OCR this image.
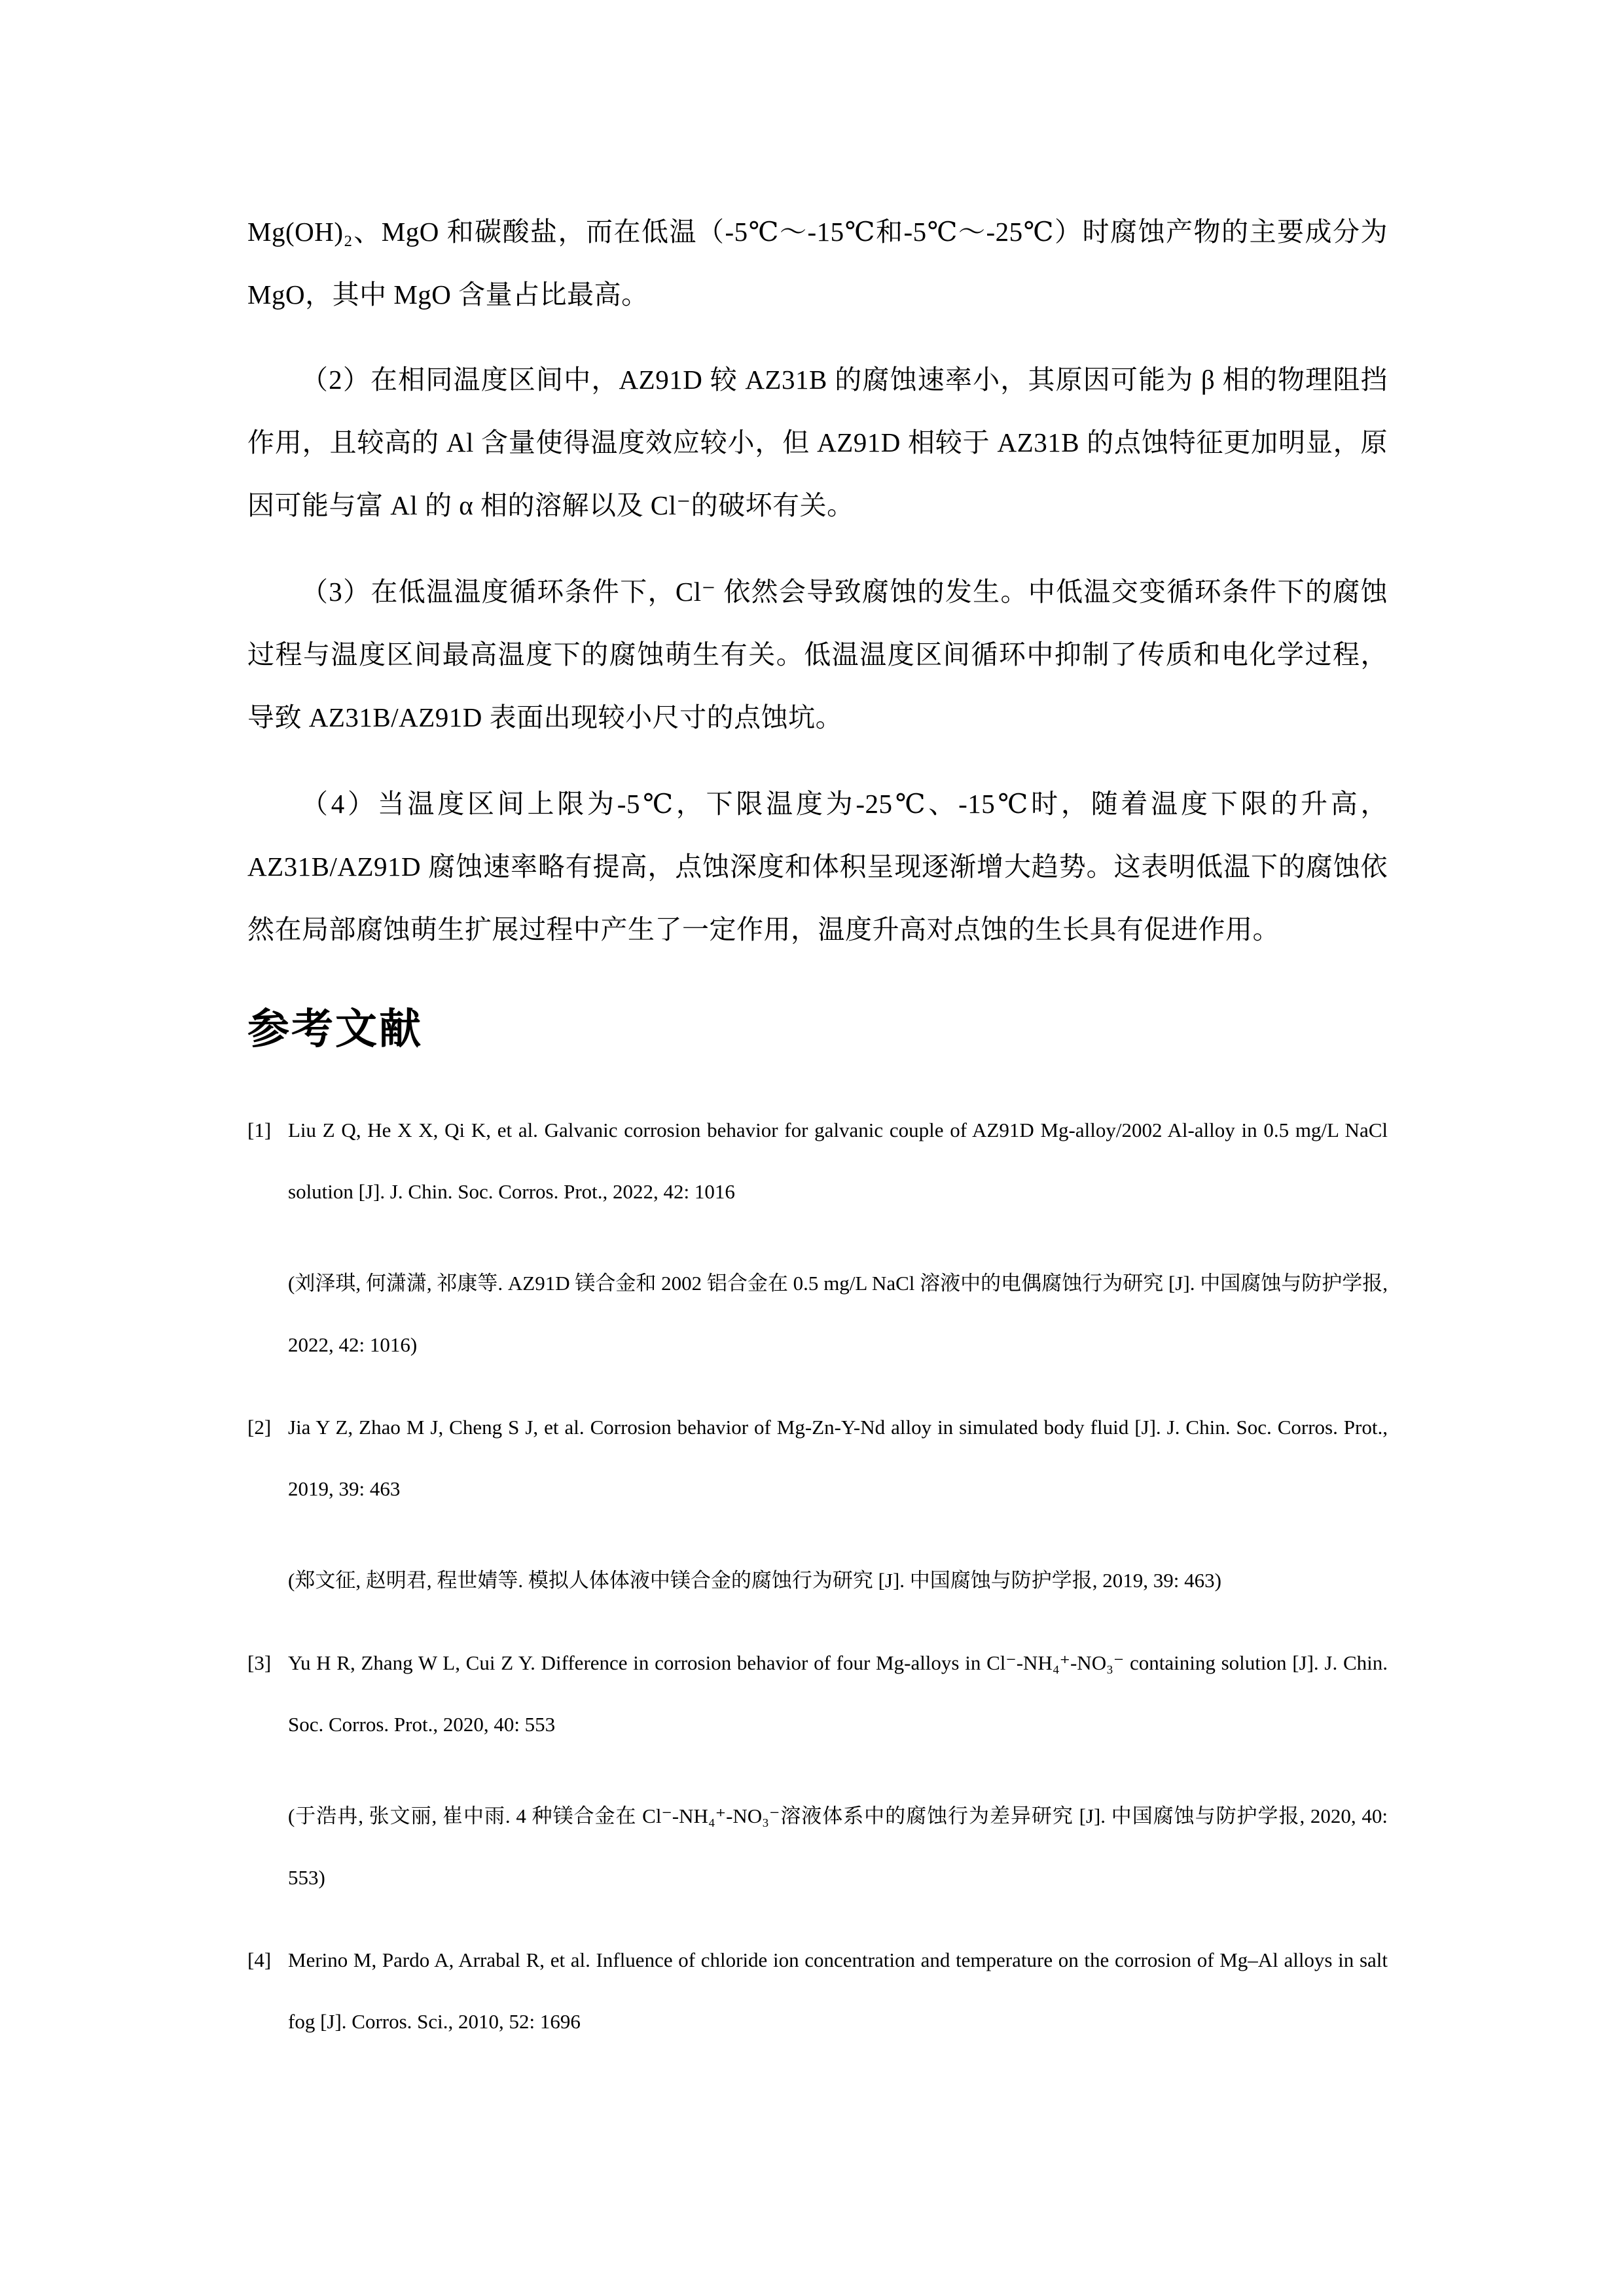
Mg(OH)₂、MgO 和碳酸盐，而在低温（-5℃～-15℃和-5℃～-25℃）时腐蚀产物的主要成分为 MgO，其中 MgO 含量占比最高。
（2）在相同温度区间中，AZ91D 较 AZ31B 的腐蚀速率小，其原因可能为 β 相的物理阻挡作用，且较高的 Al 含量使得温度效应较小，但 AZ91D 相较于 AZ31B 的点蚀特征更加明显，原因可能与富 Al 的 α 相的溶解以及 Cl⁻的破坏有关。
（3）在低温温度循环条件下，Cl⁻ 依然会导致腐蚀的发生。中低温交变循环条件下的腐蚀过程与温度区间最高温度下的腐蚀萌生有关。低温温度区间循环中抑制了传质和电化学过程，导致 AZ31B/AZ91D 表面出现较小尺寸的点蚀坑。
（4）当温度区间上限为-5℃，下限温度为-25℃、-15℃时，随着温度下限的升高，AZ31B/AZ91D 腐蚀速率略有提高，点蚀深度和体积呈现逐渐增大趋势。这表明低温下的腐蚀依然在局部腐蚀萌生扩展过程中产生了一定作用，温度升高对点蚀的生长具有促进作用。
参考文献
[1] Liu Z Q, He X X, Qi K, et al. Galvanic corrosion behavior for galvanic couple of AZ91D Mg-alloy/2002 Al-alloy in 0.5 mg/L NaCl solution [J]. J. Chin. Soc. Corros. Prot., 2022, 42: 1016
(刘泽琪, 何潇潇, 祁康等. AZ91D 镁合金和 2002 铝合金在 0.5 mg/L NaCl 溶液中的电偶腐蚀行为研究 [J]. 中国腐蚀与防护学报, 2022, 42: 1016)
[2] Jia Y Z, Zhao M J, Cheng S J, et al. Corrosion behavior of Mg-Zn-Y-Nd alloy in simulated body fluid [J]. J. Chin. Soc. Corros. Prot., 2019, 39: 463
(郑文征, 赵明君, 程世婧等. 模拟人体体液中镁合金的腐蚀行为研究 [J]. 中国腐蚀与防护学报, 2019, 39: 463)
[3] Yu H R, Zhang W L, Cui Z Y. Difference in corrosion behavior of four Mg-alloys in Cl⁻-NH₄⁺-NO₃⁻ containing solution [J]. J. Chin. Soc. Corros. Prot., 2020, 40: 553
(于浩冉, 张文丽, 崔中雨. 4 种镁合金在 Cl⁻-NH₄⁺-NO₃⁻溶液体系中的腐蚀行为差异研究 [J]. 中国腐蚀与防护学报, 2020, 40: 553)
[4] Merino M, Pardo A, Arrabal R, et al. Influence of chloride ion concentration and temperature on the corrosion of Mg–Al alloys in salt fog [J]. Corros. Sci., 2010, 52: 1696
